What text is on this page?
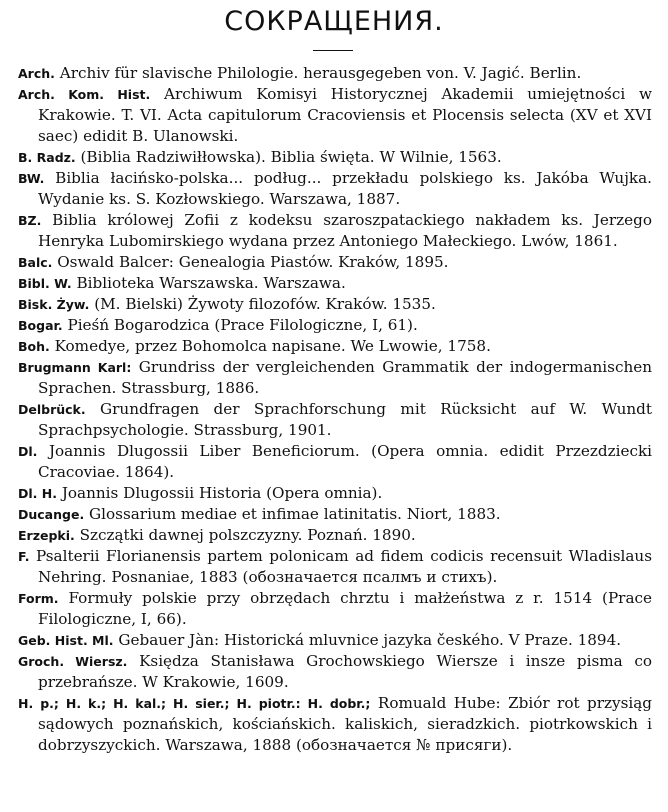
СОКРАЩЕНИЯ.

Arch. Archiv für slavische Philologie. herausgegeben von. V. Jagić. Berlin.

Arch. Kom. Hist. Archiwum Komisyi Historycznej Akademii umiejętności w Krakowie. T. VI. Acta capitulorum Cracoviensis et Plocensis selecta (XV et XVI saec) edidit B. Ulanowski.

B. Radz. (Biblia Radziwiłłowska). Biblia święta. W Wilnie, 1563.

BW. Biblia łacińsko-polska... podług... przekładu polskiego ks. Jakóba Wujka. Wydanie ks. S. Kozłowskiego. Warszawa, 1887.

BZ. Biblia królowej Zofii z kodeksu szaroszpatackiego nakładem ks. Jerzego Henryka Lubomirskiego wydana przez Antoniego Małeckiego. Lwów, 1861.

Balc. Oswald Balcer: Genealogia Piastów. Kraków, 1895.

Bibl. W. Biblioteka Warszawska. Warszawa.

Bisk. Żyw. (M. Bielski) Żywoty filozofów. Kraków. 1535.

Bogar. Pieśń Bogarodzica (Prace Filologiczne, I, 61).

Boh. Komedye, przez Bohomolca napisane. We Lwowie, 1758.

Brugmann Karl: Grundriss der vergleichenden Grammatik der indogermanischen Sprachen. Strassburg, 1886.

Delbrück. Grundfragen der Sprachforschung mit Rücksicht auf W. Wundt Sprachpsychologie. Strassburg, 1901.

Dl. Joannis Dlugossii Liber Beneficiorum. (Opera omnia. edidit Przezdziecki Cracoviae. 1864).

Dl. H. Joannis Dlugossii Historia (Opera omnia).

Ducange. Glossarium mediae et infimae latinitatis. Niort, 1883.

Erzepki. Szczątki dawnej polszczyzny. Poznań. 1890.

F. Psalterii Florianensis partem polonicam ad fidem codicis recensuit Wladislaus Nehring. Posnaniae, 1883 (обозначается псалмъ и стихъ).

Form. Formuły polskie przy obrzędach chrztu i małżeństwa z r. 1514 (Prace Filologiczne, I, 66).

Geb. Hist. Ml. Gebauer Jàn: Historická mluvnice jazyka českého. V Praze. 1894.

Groch. Wiersz. Księdza Stanisława Grochowskiego Wiersze i insze pisma co przebrańsze. W Krakowie, 1609.

H. p.; H. k.; H. kal.; H. sier.; H. piotr.: H. dobr.; Romuald Hube: Zbiór rot przysiąg sądowych poznańskich, kościańskich. kaliskich, sieradzkich. piotrkowskich i dobrzyszyckich. Warszawa, 1888 (обозначается № присяги).
